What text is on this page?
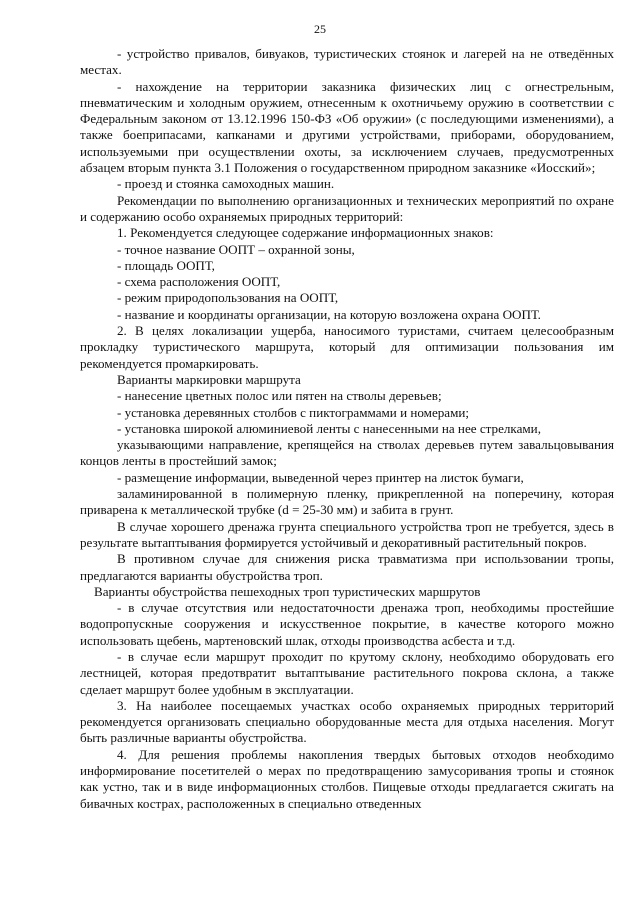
25

- устройство привалов, бивуаков, туристических стоянок и лагерей на не отведённых местах.

- нахождение на территории заказника физических лиц с огнестрельным, пневматическим и холодным оружием, отнесенным к охотничьему оружию в соответствии с Федеральным законом от 13.12.1996 150-ФЗ «Об оружии» (с последующими изменениями), а также боеприпасами, капканами и другими устройствами, приборами, оборудованием, используемыми при осуществлении охоты, за исключением случаев, предусмотренных абзацем вторым пункта 3.1 Положения о государственном природном заказнике «Иосский»;

- проезд и стоянка самоходных машин.

Рекомендации по выполнению организационных и технических мероприятий по охране и содержанию особо охраняемых природных территорий:

1. Рекомендуется следующее содержание информационных знаков:

- точное название ООПТ – охранной зоны,

- площадь ООПТ,

- схема расположения ООПТ,

- режим природопользования на ООПТ,

- название и координаты организации, на которую возложена охрана ООПТ.

2. В целях локализации ущерба, наносимого туристами, считаем целесообразным прокладку туристического маршрута, который для оптимизации пользования им рекомендуется промаркировать.

Варианты маркировки маршрута

- нанесение цветных полос или пятен на стволы деревьев;

- установка деревянных столбов с пиктограммами и номерами;

- установка широкой алюминиевой ленты с нанесенными на нее стрелками,

указывающими направление, крепящейся на стволах деревьев путем завальцовывания концов ленты в простейший замок;

- размещение информации, выведенной через принтер на листок бумаги,

заламинированной в полимерную пленку, прикрепленной на поперечину, которая приварена к металлической трубке (d = 25-30 мм) и забита в грунт.

В случае хорошего дренажа грунта специального устройства троп не требуется, здесь в результате вытаптывания формируется устойчивый и декоративный растительный покров.

В противном случае для снижения риска травматизма при использовании тропы, предлагаются варианты обустройства троп.

Варианты обустройства пешеходных троп туристических маршрутов

- в случае отсутствия или недостаточности дренажа троп, необходимы простейшие водопропускные сооружения и искусственное покрытие, в качестве которого можно использовать щебень, мартеновский шлак, отходы производства асбеста и т.д.

- в случае если маршрут проходит по крутому склону, необходимо оборудовать его лестницей, которая предотвратит вытаптывание растительного покрова склона, а также сделает маршрут более удобным в эксплуатации.

3. На наиболее посещаемых участках особо охраняемых природных территорий рекомендуется организовать специально оборудованные места для отдыха населения. Могут быть различные варианты обустройства.

4. Для решения проблемы накопления твердых бытовых отходов необходимо информирование посетителей о мерах по предотвращению замусоривания тропы и стоянок как устно, так и в виде информационных столбов. Пищевые отходы предлагается сжигать на бивачных кострах, расположенных в специально отведенных
